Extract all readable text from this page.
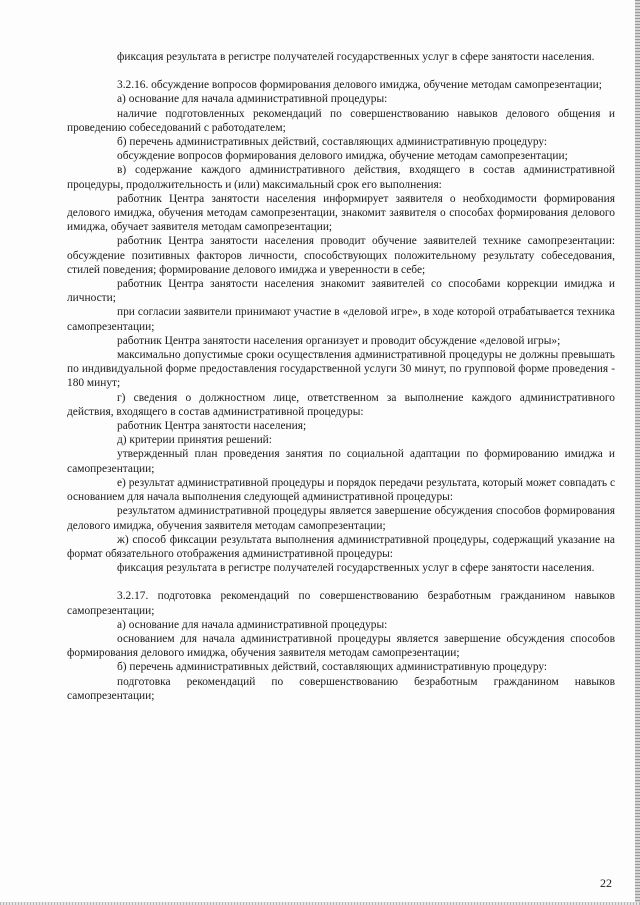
фиксация результата в регистре получателей государственных услуг в сфере занятости населения.

3.2.16. обсуждение вопросов формирования делового имиджа, обучение методам самопрезентации;

а) основание для начала административной процедуры:

наличие подготовленных рекомендаций по совершенствованию навыков делового общения и проведению собеседований с работодателем;

б) перечень административных действий, составляющих административную процедуру:

обсуждение вопросов формирования делового имиджа, обучение методам самопрезентации;

в) содержание каждого административного действия, входящего в состав административной процедуры, продолжительность и (или) максимальный срок его выполнения:

работник Центра занятости населения информирует заявителя о необходимости формирования делового имиджа, обучения методам самопрезентации, знакомит заявителя о способах формирования делового имиджа, обучает заявителя методам самопрезентации;

работник Центра занятости населения проводит обучение заявителей технике самопрезентации: обсуждение позитивных факторов личности, способствующих положительному результату собеседования, стилей поведения; формирование делового имиджа и уверенности в себе;

работник Центра занятости населения знакомит заявителей со способами коррекции имиджа и личности;

при согласии заявители принимают участие в «деловой игре», в ходе которой отрабатывается техника самопрезентации;

работник Центра занятости населения организует и проводит обсуждение «деловой игры»;

максимально допустимые сроки осуществления административной процедуры не должны превышать по индивидуальной форме предоставления государственной услуги 30 минут, по групповой форме проведения - 180 минут;

г) сведения о должностном лице, ответственном за выполнение каждого административного действия, входящего в состав административной процедуры:

работник Центра занятости населения;

д) критерии принятия решений:

утвержденный план проведения занятия по социальной адаптации по формированию имиджа и самопрезентации;

е) результат административной процедуры и порядок передачи результата, который может совпадать с основанием для начала выполнения следующей административной процедуры:

результатом административной процедуры является завершение обсуждения способов формирования делового имиджа, обучения заявителя методам самопрезентации;

ж) способ фиксации результата выполнения административной процедуры, содержащий указание на формат обязательного отображения административной процедуры:

фиксация результата в регистре получателей государственных услуг в сфере занятости населения.

3.2.17. подготовка рекомендаций по совершенствованию безработным гражданином навыков самопрезентации;

а) основание для начала административной процедуры:

основанием для начала административной процедуры является завершение обсуждения способов формирования делового имиджа, обучения заявителя методам самопрезентации;

б) перечень административных действий, составляющих административную процедуру:

подготовка рекомендаций по совершенствованию безработным гражданином навыков самопрезентации;

22
